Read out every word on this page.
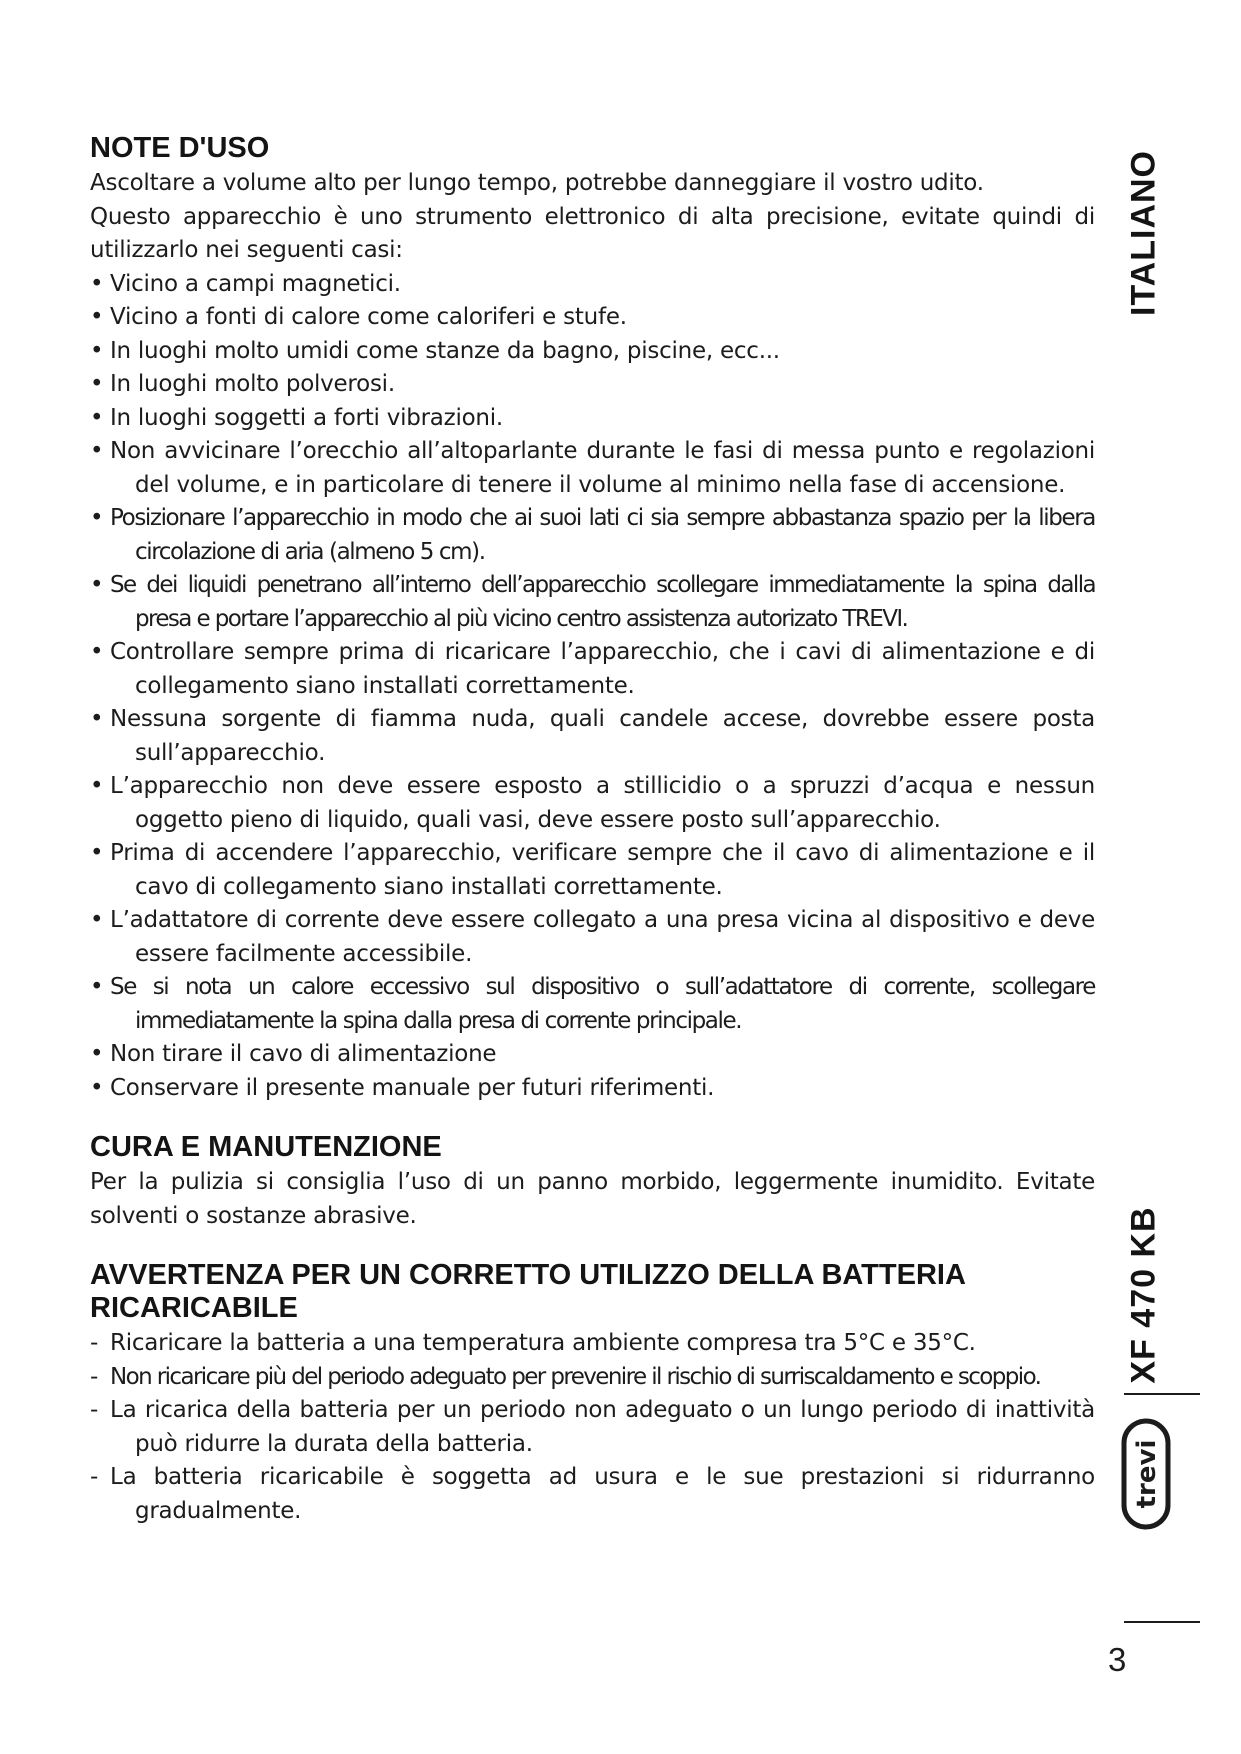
NOTE D'USO

Ascoltare a volume alto per lungo tempo, potrebbe danneggiare il vostro udito.

Questo apparecchio è uno strumento elettronico di alta precisione, evitate quindi di utilizzarlo nei seguenti casi:

• Vicino a campi magnetici.
• Vicino a fonti di calore come caloriferi e stufe.
• In luoghi molto umidi come stanze da bagno, piscine, ecc...
• In luoghi molto polverosi.
• In luoghi soggetti a forti vibrazioni.
• Non avvicinare l’orecchio all’altoparlante durante le fasi di messa punto e regolazioni del volume, e in particolare di tenere il volume al minimo nella fase di accensione.
• Posizionare l’apparecchio in modo che ai suoi lati ci sia sempre abbastanza spazio per la libera circolazione di aria (almeno 5 cm).
• Se dei liquidi penetrano all’interno dell’apparecchio scollegare immediatamente la spina dalla presa e portare l’apparecchio al più vicino centro assistenza autorizato TREVI.
• Controllare sempre prima di ricaricare l’apparecchio, che i cavi di alimentazione e di collegamento siano installati correttamente.
• Nessuna sorgente di fiamma nuda, quali candele accese, dovrebbe essere posta sull’apparecchio.
• L’apparecchio non deve essere esposto a stillicidio o a spruzzi d’acqua e nessun oggetto pieno di liquido, quali vasi, deve essere posto sull’apparecchio.
• Prima di accendere l’apparecchio, verificare sempre che il cavo di alimentazione e il cavo di collegamento siano installati correttamente.
• L’adattatore di corrente deve essere collegato a una presa vicina al dispositivo e deve essere facilmente accessibile.
• Se si nota un calore eccessivo sul dispositivo o sull’adattatore di corrente, scollegare immediatamente la spina dalla presa di corrente principale.
• Non tirare il cavo di alimentazione
• Conservare il presente manuale per futuri riferimenti.
CURA E MANUTENZIONE

Per la pulizia si consiglia l’uso di un panno morbido, leggermente inumidito. Evitate solventi o sostanze abrasive.

AVVERTENZA PER UN CORRETTO UTILIZZO DELLA BATTERIA RICARICABILE
- Ricaricare la batteria a una temperatura ambiente compresa tra 5°C e 35°C.
- Non ricaricare più del periodo adeguato per prevenire il rischio di surriscaldamento e scoppio.
- La ricarica della batteria per un periodo non adeguato o un lungo periodo di inattività può ridurre la durata della batteria.
- La batteria ricaricabile è soggetta ad usura e le sue prestazioni si ridurranno gradualmente.
ITALIANO
XF 470 KB
trevi
3
